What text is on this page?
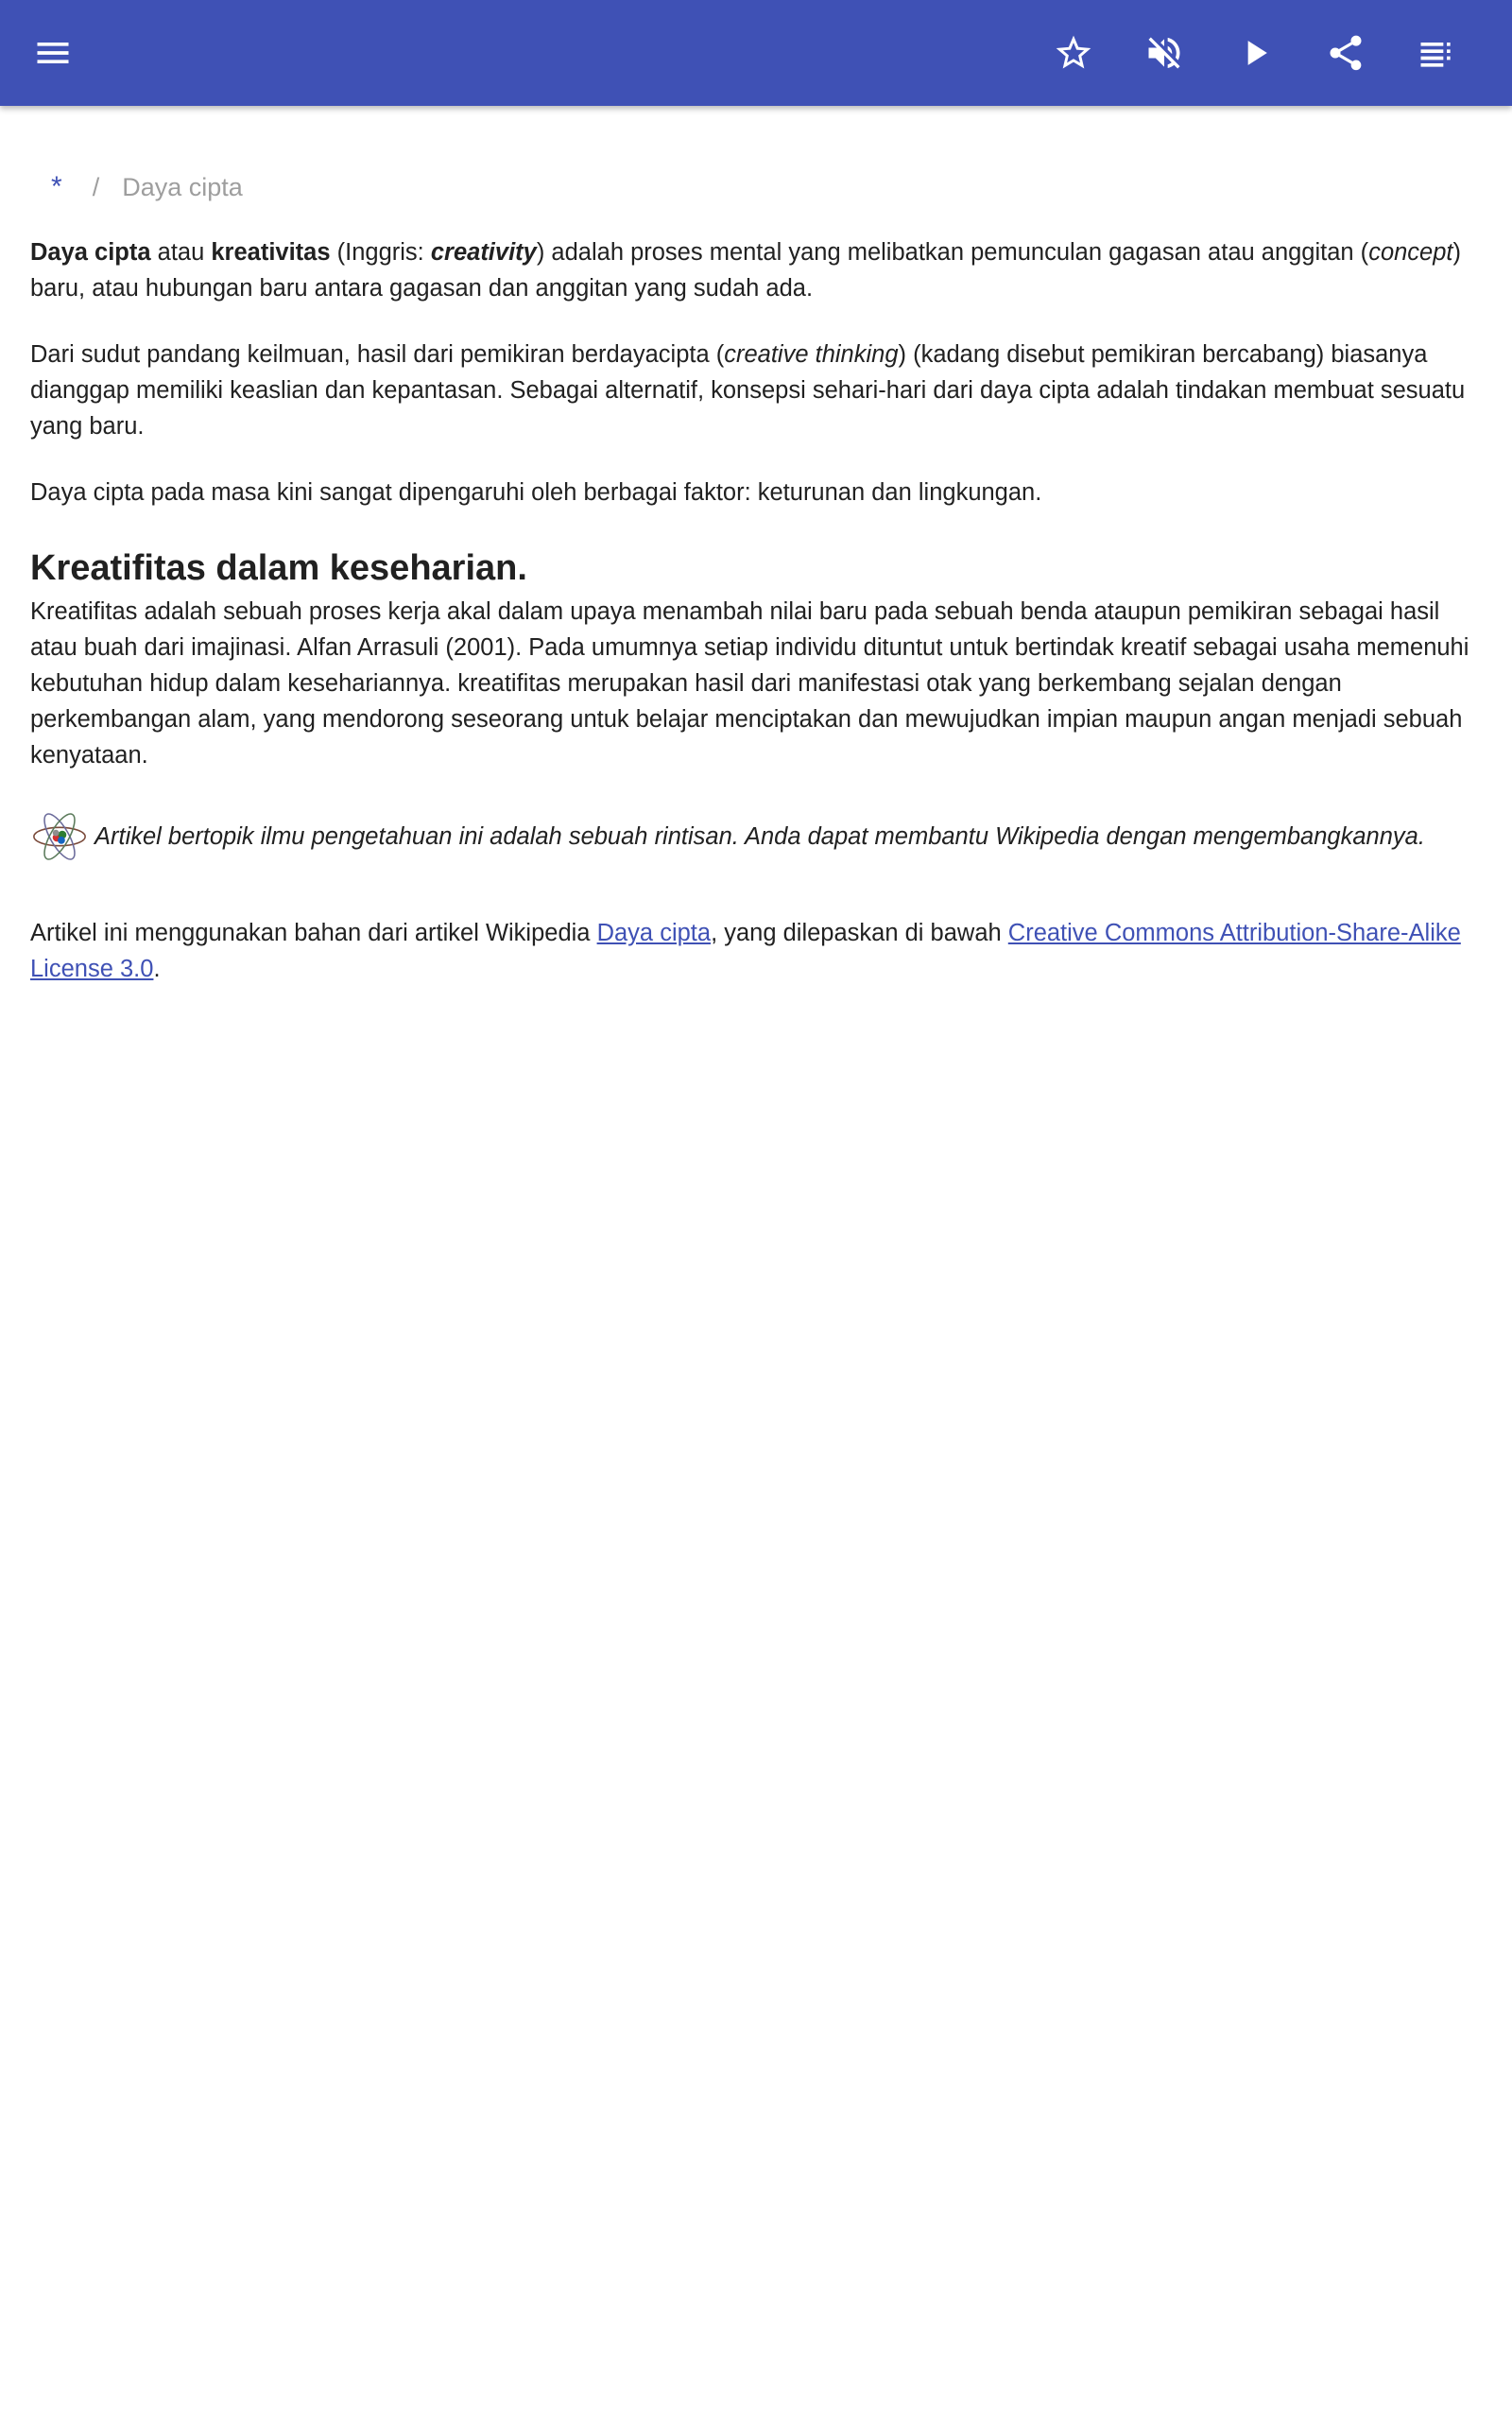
* / Daya cipta

Daya cipta atau kreativitas (Inggris: creativity) adalah proses mental yang melibatkan pemunculan gagasan atau anggitan (concept) baru, atau hubungan baru antara gagasan dan anggitan yang sudah ada.

Dari sudut pandang keilmuan, hasil dari pemikiran berdayacipta (creative thinking) (kadang disebut pemikiran bercabang) biasanya dianggap memiliki keaslian dan kepantasan. Sebagai alternatif, konsepsi sehari-hari dari daya cipta adalah tindakan membuat sesuatu yang baru.

Daya cipta pada masa kini sangat dipengaruhi oleh berbagai faktor: keturunan dan lingkungan.

Kreatifitas dalam keseharian.

Kreatifitas adalah sebuah proses kerja akal dalam upaya menambah nilai baru pada sebuah benda ataupun pemikiran sebagai hasil atau buah dari imajinasi. Alfan Arrasuli (2001). Pada umumnya setiap individu dituntut untuk bertindak kreatif sebagai usaha memenuhi kebutuhan hidup dalam kesehariannya. kreatifitas merupakan hasil dari manifestasi otak yang berkembang sejalan dengan perkembangan alam, yang mendorong seseorang untuk belajar menciptakan dan mewujudkan impian maupun angan menjadi sebuah kenyataan.

Artikel bertopik ilmu pengetahuan ini adalah sebuah rintisan. Anda dapat membantu Wikipedia dengan mengembangkannya.

Artikel ini menggunakan bahan dari artikel Wikipedia Daya cipta, yang dilepaskan di bawah Creative Commons Attribution-Share-Alike License 3.0.
